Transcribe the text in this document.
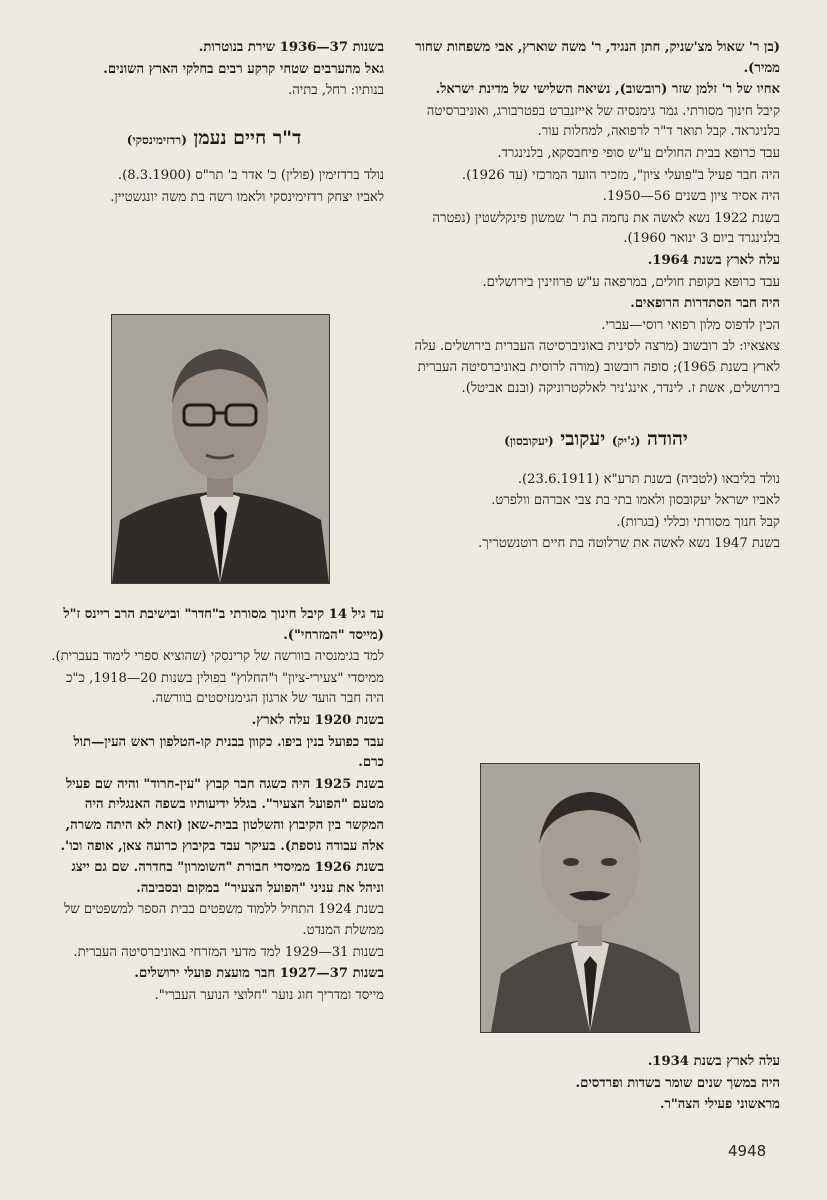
(בן ר' שאול מצ'שניק, חתן הנגיד, ר' משה שוארץ, אבי משפחות שחור ממיר).

אחיו של ר' זלמן שזר (רובשוב), נשיאה השלישי של מדינת ישראל.

קיבל חינוך מסורתי. גמר גימנסיה של אייזנברט בפטרבורג, ואוניברסיטה בלניגראד. קבל תואר ד"ר לרפואה, למחלות עור.

עבד כרופא בבית החולים ע"ש סופי פיחבסקא, בלנינגרד.

היה חבר פעיל ב"פועלי ציון", מזכיר הועד המרכזי (עד 1926).

היה אסיר ציון בשנים 56—1950.

בשנת 1922 נשא לאשה את נחמה בת ר' שמשון פינקלשטין (נפטרה בלנינגרד ביום 3 ינואר 1960).

עלה לארץ בשנת 1964.

עבד כרופא בקופת חולים, במרפאה ע"ש פרוזינין בירושלים.

היה חבר הסתדרות הרופאים.

הכין לדפוס מלון רפואי רוסי—עברי.

צאצאיו: לב רובשוב (מרצה לסינית באוניברסיטה העברית בירושלים. עלה לארץ בשנת 1965); סופה רובשוב (מורה לרוסית באוניברסיטה העברית בירושלים, אשת ז. לינדר, אינג'ניר לאלקטרוניקה (ובנם אביטל).

יהודה (ג'יק) יעקובי (יעקובסון)

נולד בליבאו (לטביה) בשנת תרע"א (23.6.1911).

לאביו ישראל יעקובסון ולאמו בתי בת צבי אברהם וולפרט.

קבל חנוך מסורתי וכללי (בגרות).

בשנת 1947 נשא לאשה את שרלוטה בת חיים רוטנשטריך.

עלה לארץ בשנת 1934.

היה במשך שנים שומר בשדות ופרדסים.

מראשוני פעילי הצה"ר.

בשנות 37—1936 שירת בנוטרות.

גאל מהערבים שטחי קרקע רבים בחלקי הארץ השונים.

בנותיו: רחל, בתיה.

ד"ר חיים נעמן (רדזימינסקי)

נולד ברדזימין (פולין) כ' אדר ב' תר"ס (8.3.1900).

לאביו יצחק רדזימינסקי ולאמו רשה בת משה יונגשטיין.

עד גיל 14 קיבל חינוך מסורתי ב"חדר" ובישיבת הרב ריינס ז"ל (מייסד "המזרחי").

למד בגימנסיה בוורשה של קרינסקי (שהוציא ספרי לימוד בעברית).

ממיסדי "צעירי-ציון" ו"החלוץ" בפולין בשנות 20—1918, כ"כ היה חבר הועד של ארגון הגימנזיסטים בוורשה.

בשנת 1920 עלה לארץ.

עבד כפועל בנין ביפו. כקוון בבנית קו-הטלפון ראש העין—תול כרם.

בשנת 1925 היה כשגה חבר קבוץ "עין-חרוד" והיה שם פעיל מטעם "הפועל הצעיר". בגלל ידיעותיו בשפה האנגלית היה המקשר בין הקיבוץ והשלטון בבית-שאן (זאת לא היתה משרה, אלה עבודה נוספת). בעיקר עבד בקיבוץ כרועה צאן, אופה וכו'.

בשנת 1926 ממיסדי חבורת "השומרון" בחדרה. שם גם ייצג וניהל את עניני "הפועל הצעיר" במקום ובסביבה.

בשנת 1924 התחיל ללמוד משפטים בבית הספר למשפטים של ממשלת המנדט.

בשנות 31—1929 למד מדעי המזרחי באוניברסיטה העברית.

בשנות 37—1927 חבר מועצת פועלי ירושלים.

מייסד ומדריך חוג נוער "חלוצי הנוער העברי".

4948
